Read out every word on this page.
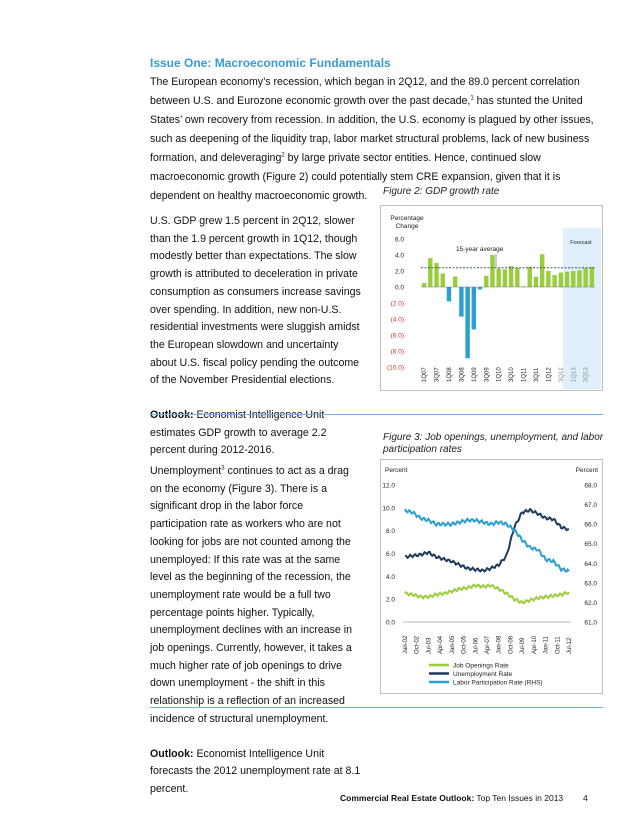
Issue One: Macroeconomic Fundamentals

The European economy’s recession, which began in 2Q12, and the 89.0 percent correlation between U.S. and Eurozone economic growth over the past decade,$^1$ has stunted the United States’ own recovery from recession. In addition, the U.S. economy is plagued by other issues, such as deepening of the liquidity trap, labor market structural problems, lack of new business formation, and deleveraging$^2$ by large private sector entities. Hence, continued slow macroeconomic growth (Figure 2) could potentially stem CRE expansion, given that it is dependent on healthy macroeconomic growth.	Figure 2: GDP growth rate
Forecast
Percentage
Change
6.0
4.0
2.0
0.0
(2.0)
(4.0)
(6.0)
(8.0)
(10.0)
15-year average
1Q07 3Q07 1Q08 3Q08 1Q09 3Q09 1Q10 3Q10 1Q11 3Q11 1Q12 3Q12 1Q13 3Q13

U.S. GDP grew 1.5 percent in 2Q12, slower than the 1.9 percent growth in 1Q12, though modestly better than expectations. The slow growth is attributed to deceleration in private consumption as consumers increase savings over spending. In addition, new non-U.S. residential investments were sluggish amidst the European slowdown and uncertainty about U.S. fiscal policy pending the outcome of the November Presidential elections.

Outlook: Economist Intelligence Unit estimates GDP growth to average 2.2 percent during 2012-2016.

Figure 3: Job openings, unemployment, and labor participation rates
Percent	Percent
12.0
10.0
8.0
6.0
4.0
2.0
0.0
68.0
67.0
66.0
65.0
64.0
63.0
62.0
61.0
Jan-02 Oct-02 Jul-03 Apr-04 Jan-05 Oct-05 Jul-06 Apr-07 Jan-08 Oct-08 Jul-09 Apr-10 Jan-11 Oct-11 Jul-12
Job Openings Rate
Unemployment Rate
Labor Participation Rate (RHS)

Unemployment$^3$ continues to act as a drag on the economy (Figure 3). There is a significant drop in the labor force participation rate as workers who are not looking for jobs are not counted among the unemployed: If this rate was at the same level as the beginning of the recession, the unemployment rate would be a full two percentage points higher. Typically, unemployment declines with an increase in job openings. Currently, however, it takes a much higher rate of job openings to drive down unemployment - the shift in this relationship is a reflection of an increased incidence of structural unemployment.

Outlook: Economist Intelligence Unit forecasts the 2012 unemployment rate at 8.1 percent.

Commercial Real Estate Outlook: Top Ten Issues in 2013 4
